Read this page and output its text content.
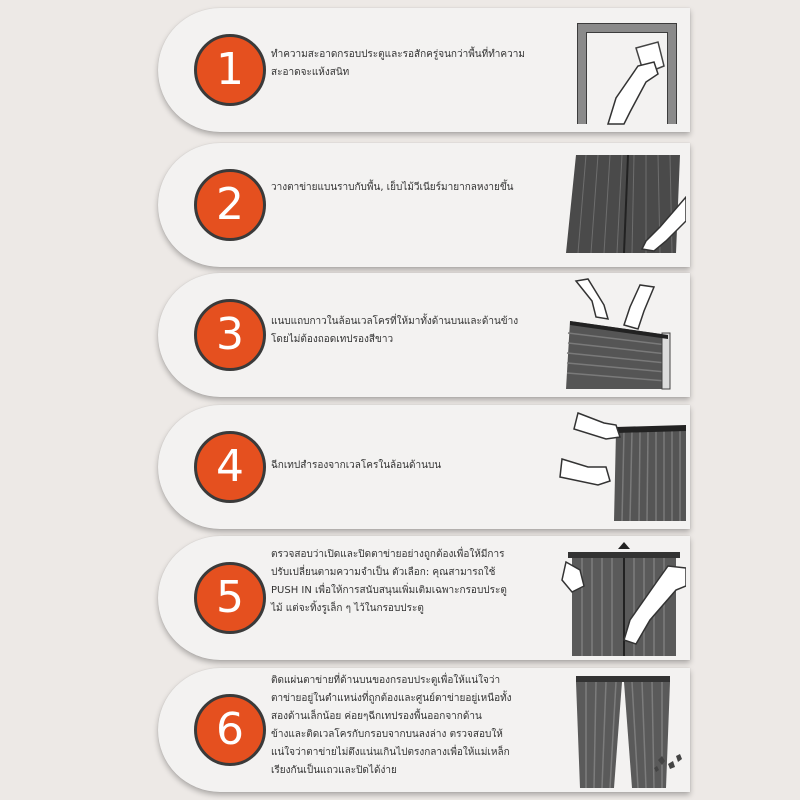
1	ทำความสะอาดกรอบประตูและรอสักครู่จนกว่าพื้นที่ทำความ
สะอาดจะแห้งสนิท
2	วางตาข่ายแบนราบกับพื้น, เย็บไม้วีเนียร์มายากลหงายขึ้น
3	แนบแถบกาวในล้อนเวลโครที่ให้มาทั้งด้านบนและด้านข้าง
โดยไม่ต้องถอดเทปรองสีขาว
4	ฉีกเทปสำรองจากเวลโครในล้อนด้านบน
5
ตรวจสอบว่าเปิดและปิดตาข่ายอย่างถูกต้องเพื่อให้มีการ
ปรับเปลี่ยนตามความจำเป็น ตัวเลือก: คุณสามารถใช้
PUSH IN เพื่อให้การสนับสนุนเพิ่มเติมเฉพาะกรอบประตู
ไม้ แต่จะทิ้งรูเล็ก ๆ ไว้ในกรอบประตู
6
ติดแผ่นตาข่ายที่ด้านบนของกรอบประตูเพื่อให้แน่ใจว่า
ตาข่ายอยู่ในตำแหน่งที่ถูกต้องและศูนย์ตาข่ายอยู่เหนือทั้ง
สองด้านเล็กน้อย ค่อยๆฉีกเทปรองพื้นออกจากด้าน
ข้างและติดเวลโครกับกรอบจากบนลงล่าง ตรวจสอบให้
แน่ใจว่าตาข่ายไม่ตึงแน่นเกินไปตรงกลางเพื่อให้แม่เหล็ก
เรียงกันเป็นแถวและปิดได้ง่าย
